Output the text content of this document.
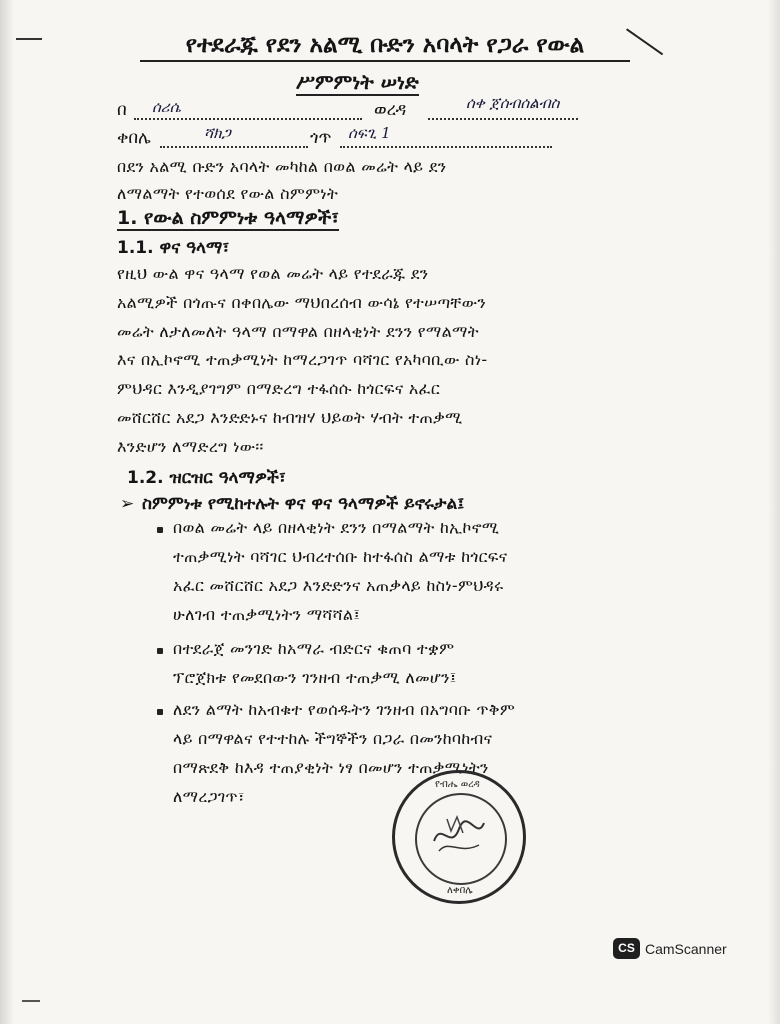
የተደራጁ የደን አልሚ ቡድን አባላት የጋራ የውል
ሥምምነት ሠነድ
በ ሰሪሴ	ወረዳ	ሰቀ ጀሰብሰልብስ
ቀበሌ	ሻክጋ	ጎጥ ሰፍጊ 1
በደን አልሚ ቡድን አባላት መካከል በወል መሬት ላይ ደን
ለማልማት የተወሰደ የውል ስምምነት
1. የውል ስምምነቱ ዓላማዎች፣
1.1. ዋና ዓላማ፣
የዚህ ውል ዋና ዓላማ የወል መሬት ላይ የተደራጁ ደን
አልሚዎች በጎጡና በቀበሌው ማህበረሰብ ውሳኔ የተሠጣቸውን
መሬት ለታለመለት ዓላማ በማዋል በዘላቂነት ደንን የማልማት
እና በኢኮኖሚ ተጠቃሚነት ከማረጋገጥ ባሻገር የአካባቢው ስነ-
ምህዳር እንዲያገግም በማድረግ ተፋሰሱ ከጎርፍና አፈር
መሸርሸር አደጋ እንድድኑና ከብዝሃ ህይወት ሃብት ተጠቃሚ
እንድሆን ለማድረግ ነው፡፡
1.2. ዝርዝር ዓላማዎች፣
➢ ስምምነቱ የሚከተሉት ዋና ዋና ዓላማዎች ይኖሩታል፤
በወል መሬት ላይ በዘላቂነት ደንን በማልማት ከኢኮኖሚ
ተጠቃሚነት ባሻገር ህብረተሰቡ ከተፋሰስ ልማቱ ከጎርፍና
አፈር መሸርሸር አደጋ እንድድንና አጠቃላይ ከስነ-ምህዳሩ
ሁለገብ ተጠቃሚነትን ማሻሻል፤
በተደራጀ መንገድ ከአማራ ብድርና ቁጠባ ተቋም
ፕሮጀክቱ የመደበውን ገንዘብ ተጠቃሚ ለመሆን፤
ለደን ልማት ከአብቁተ የወሰዱትን ገንዘብ በአግባቡ ጥቅም
ላይ በማዋልና የተተከሉ ችግኞችን በጋራ በመንከባከብና
በማጽደቅ ከእዳ ተጠያቂነት ነፃ በመሆን ተጠቃሚነትን
ለማረጋገጥ፣
የብሔ ወረዳ
ለቀበሌ
CS CamScanner
